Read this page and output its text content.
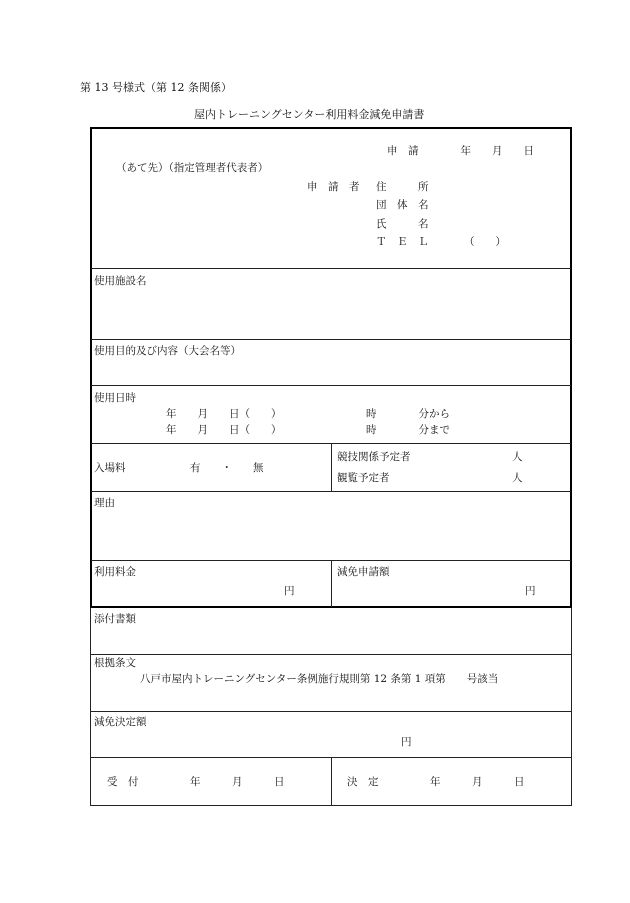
第 13 号様式（第 12 条関係）
屋内トレーニングセンター利用料金減免申請書
申　請　　　　年　　月　　日
（あて先）（指定管理者代表者）
申　請　者 住　　　所
団　体　名
氏　　　名
Ｔ　Ｅ　Ｌ	（　　）
使用施設名
使用目的及び内容（大会名等）
使用日時
年　　月　　日（　　）	時　　　　分から
年　　月　　日（　　）	時　　　　分まで
入場料	有　　・　　無
競技関係予定者	人
観覧予定者	人
理由
利用料金
円
減免申請額
円
添付書類
根拠条文
八戸市屋内トレーニングセンター条例施行規則第 12 条第 1 項第　　号該当
減免決定額
円
受　付	年　　　月　　　日	決　定	年　　　月　　　日
